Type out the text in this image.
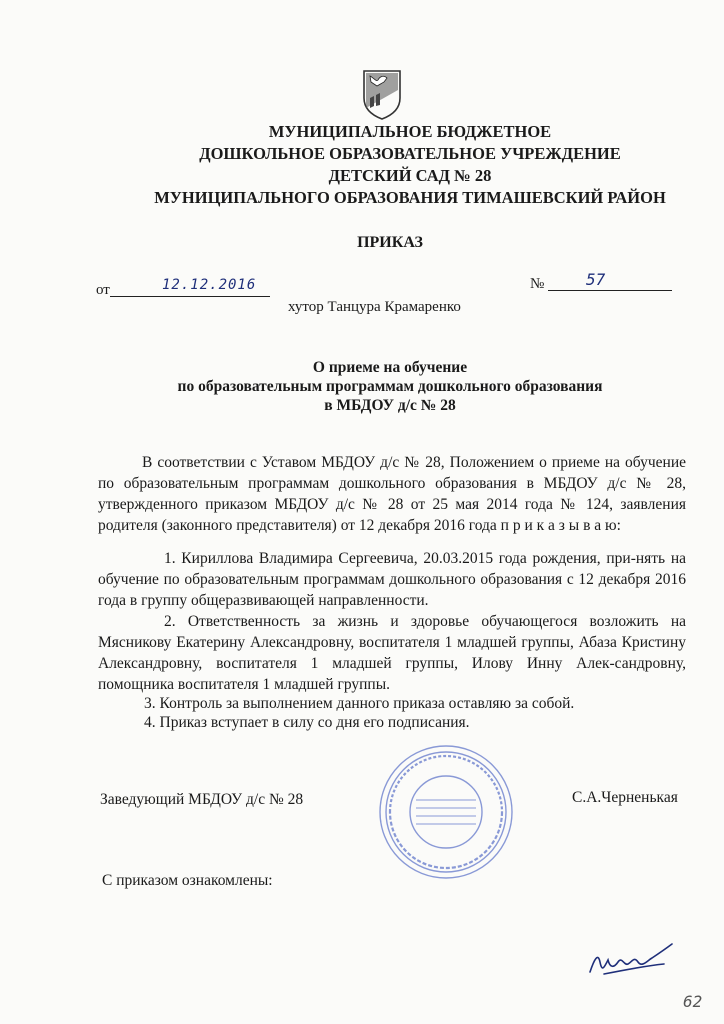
МУНИЦИПАЛЬНОЕ БЮДЖЕТНОЕ
ДОШКОЛЬНОЕ ОБРАЗОВАТЕЛЬНОЕ УЧРЕЖДЕНИЕ
ДЕТСКИЙ САД № 28
МУНИЦИПАЛЬНОГО ОБРАЗОВАНИЯ ТИМАШЕВСКИЙ РАЙОН
ПРИКАЗ
от	12.12.2016	№	57
хутор Танцура Крамаренко
О приеме на обучение
по образовательным программам дошкольного образования
в МБДОУ д/с № 28
В соответствии с Уставом МБДОУ д/с № 28, Положением о приеме на обучение по образовательным программам дошкольного образования в МБДОУ д/с № 28, утвержденного приказом МБДОУ д/с № 28 от 25 мая 2014 года № 124, заявления родителя (законного представителя) от 12 декабря 2016 года п р и к а з ы в а ю:
1. Кириллова Владимира Сергеевича, 20.03.2015 года рождения, при-нять на обучение по образовательным программам дошкольного образования с 12 декабря 2016 года в группу общеразвивающей направленности.
2. Ответственность за жизнь и здоровье обучающегося возложить на Мясникову Екатерину Александровну, воспитателя 1 младшей группы, Абаза Кристину Александровну, воспитателя 1 младшей группы, Илову Инну Алек-сандровну, помощника воспитателя 1 младшей группы.
3. Контроль за выполнением данного приказа оставляю за собой.
4. Приказ вступает в силу со дня его подписания.
Заведующий МБДОУ д/с № 28	С.А.Черненькая
С приказом ознакомлены:
62
